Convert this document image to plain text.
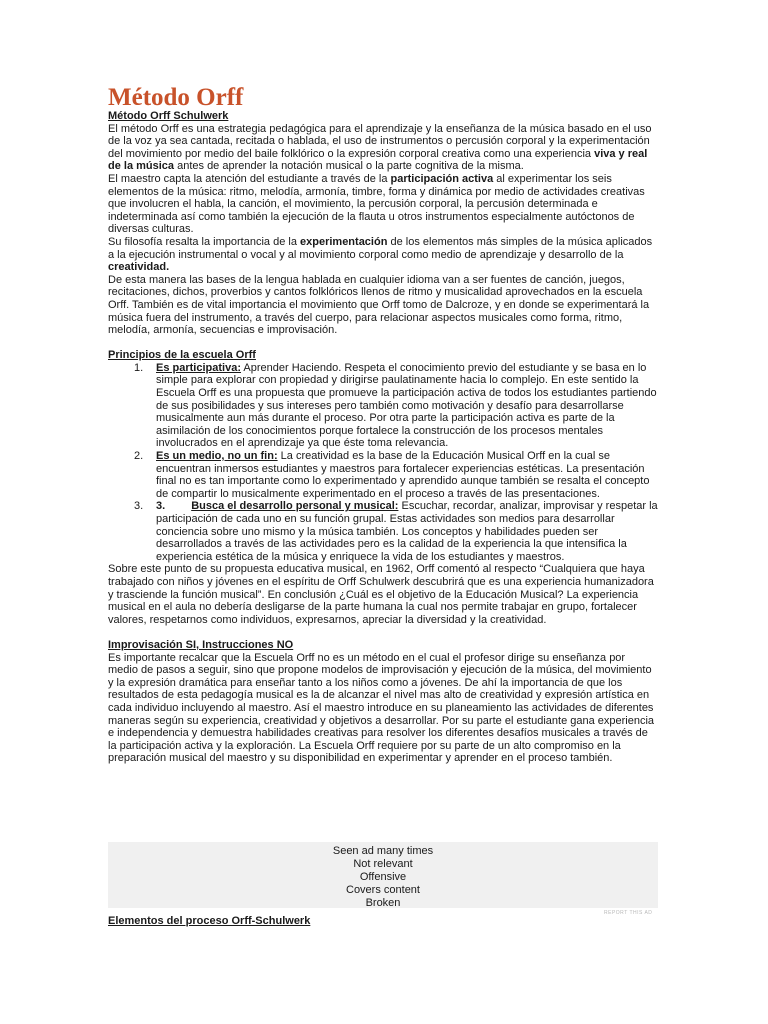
Método Orff
Método Orff Schulwerk

El método Orff es una estrategia pedagógica para el aprendizaje y la enseñanza de la música basado en el uso de la voz ya sea cantada, recitada o hablada, el uso de instrumentos o percusión corporal y la experimentación del movimiento por medio del baile folklórico o la expresión corporal creativa como una experiencia viva y real de la música antes de aprender la notación musical o la parte cognitiva de la misma.

El maestro capta la atención del estudiante a través de la participación activa al experimentar los seis elementos de la música: ritmo, melodía, armonía, timbre, forma y dinámica por medio de actividades creativas que involucren el habla, la canción, el movimiento, la percusión corporal, la percusión determinada e indeterminada así como también la ejecución de la flauta u otros instrumentos especialmente autóctonos de diversas culturas.

Su filosofía resalta la importancia de la experimentación de los elementos más simples de la música aplicados a la ejecución instrumental o vocal y al movimiento corporal como medio de aprendizaje y desarrollo de la creatividad.

De esta manera las bases de la lengua hablada en cualquier idioma van a ser fuentes de canción, juegos, recitaciones, dichos, proverbios y cantos folklóricos llenos de ritmo y musicalidad aprovechados en la escuela Orff. También es de vital importancia el movimiento que Orff tomo de Dalcroze, y en donde se experimentará la música fuera del instrumento, a través del cuerpo, para relacionar aspectos musicales como forma, ritmo, melodía, armonía, secuencias e improvisación.

Principios de la escuela Orff
1. Es participativa: Aprender Haciendo. Respeta el conocimiento previo del estudiante y se basa en lo simple para explorar con propiedad y dirigirse paulatinamente hacia lo complejo. En este sentido la Escuela Orff es una propuesta que promueve la participación activa de todos los estudiantes partiendo de sus posibilidades y sus intereses pero también como motivación y desafío para desarrollarse musicalmente aun más durante el proceso. Por otra parte la participación activa es parte de la asimilación de los conocimientos porque fortalece la construcción de los procesos mentales involucrados en el aprendizaje ya que éste toma relevancia.
2. Es un medio, no un fin: La creatividad es la base de la Educación Musical Orff en la cual se encuentran inmersos estudiantes y maestros para fortalecer experiencias estéticas. La presentación final no es tan importante como lo experimentado y aprendido aunque también se resalta el concepto de compartir lo musicalmente experimentado en el proceso a través de las presentaciones.
3. 3. Busca el desarrollo personal y musical: Escuchar, recordar, analizar, improvisar y respetar la participación de cada uno en su función grupal. Estas actividades son medios para desarrollar conciencia sobre uno mismo y la música también. Los conceptos y habilidades pueden ser desarrollados a través de las actividades pero es la calidad de la experiencia la que intensifica la experiencia estética de la música y enriquece la vida de los estudiantes y maestros.

Sobre este punto de su propuesta educativa musical, en 1962, Orff comentó al respecto “Cualquiera que haya trabajado con niños y jóvenes en el espíritu de Orff Schulwerk descubrirá que es una experiencia humanizadora y trasciende la función musical”. En conclusión ¿Cuál es el objetivo de la Educación Musical? La experiencia musical en el aula no debería desligarse de la parte humana la cual nos permite trabajar en grupo, fortalecer valores, respetarnos como individuos, expresarnos, apreciar la diversidad y la creatividad.

Improvisación SI, Instrucciones NO

Es importante recalcar que la Escuela Orff no es un método en el cual el profesor dirige su enseñanza por medio de pasos a seguir, sino que propone modelos de improvisación y ejecución de la música, del movimiento y la expresión dramática para enseñar tanto a los niños como a jóvenes. De ahí la importancia de que los resultados de esta pedagogía musical es la de alcanzar el nivel mas alto de creatividad y expresión artística en cada individuo incluyendo al maestro. Así el maestro introduce en su planeamiento las actividades de diferentes maneras según su experiencia, creatividad y objetivos a desarrollar. Por su parte el estudiante gana experiencia e independencia y demuestra habilidades creativas para resolver los diferentes desafíos musicales a través de la participación activa y la exploración. La Escuela Orff requiere por su parte de un alto compromiso en la preparación musical del maestro y su disponibilidad en experimentar y aprender en el proceso también.

Seen ad many times
Not relevant
Offensive
Covers content
Broken
REPORT THIS AD
Elementos del proceso Orff-Schulwerk
